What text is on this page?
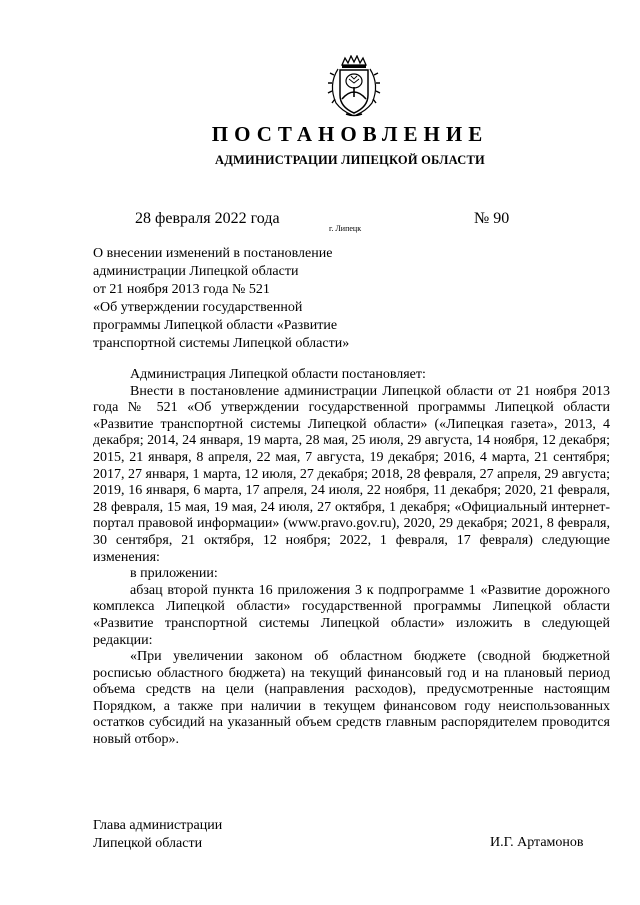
ПОСТАНОВЛЕНИЕ
АДМИНИСТРАЦИИ ЛИПЕЦКОЙ ОБЛАСТИ
28 февраля 2022 года
г. Липецк
№ 90
О внесении изменений в постановление
администрации Липецкой области
от 21 ноября 2013 года № 521
«Об утверждении государственной
программы Липецкой области «Развитие
транспортной системы Липецкой области»

Администрация Липецкой области постановляет:

Внести в постановление администрации Липецкой области от 21 ноября 2013 года № 521 «Об утверждении государственной программы Липецкой области «Развитие транспортной системы Липецкой области» («Липецкая газета», 2013, 4 декабря; 2014, 24 января, 19 марта, 28 мая, 25 июля, 29 августа, 14 ноября, 12 декабря; 2015, 21 января, 8 апреля, 22 мая, 7 августа, 19 декабря; 2016, 4 марта, 21 сентября; 2017, 27 января, 1 марта, 12 июля, 27 декабря; 2018, 28 февраля, 27 апреля, 29 августа; 2019, 16 января, 6 марта, 17 апреля, 24 июля, 22 ноября, 11 декабря; 2020, 21 февраля, 28 февраля, 15 мая, 19 мая, 24 июля, 27 октября, 1 декабря; «Официальный интернет-портал правовой информации» (www.pravo.gov.ru), 2020, 29 декабря; 2021, 8 февраля, 30 сентября, 21 октября, 12 ноября; 2022, 1 февраля, 17 февраля) следующие изменения:

в приложении:

абзац второй пункта 16 приложения 3 к подпрограмме 1 «Развитие дорожного комплекса Липецкой области» государственной программы Липецкой области «Развитие транспортной системы Липецкой области» изложить в следующей редакции:

«При увеличении законом об областном бюджете (сводной бюджетной росписью областного бюджета) на текущий финансовый год и на плановый период объема средств на цели (направления расходов), предусмотренные настоящим Порядком, а также при наличии в текущем финансовом году неиспользованных остатков субсидий на указанный объем средств главным распорядителем проводится новый отбор».

Глава администрации
Липецкой области	И.Г. Артамонов
